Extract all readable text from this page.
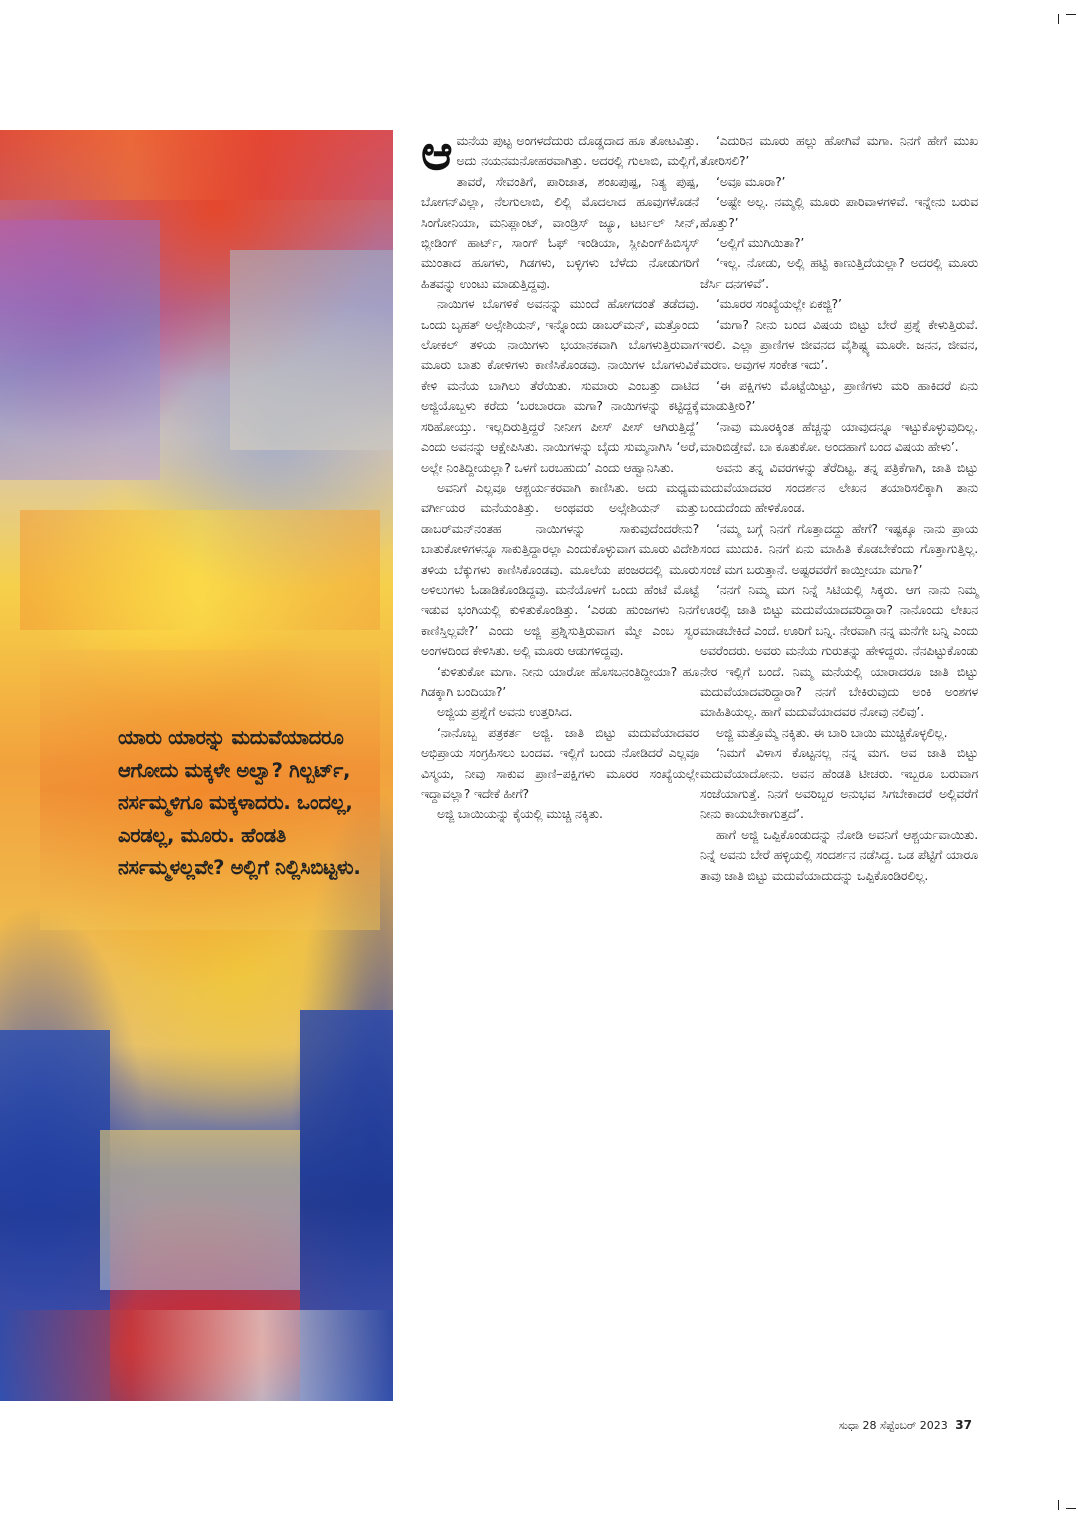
ಯಾರು ಯಾರನ್ನು ಮದುವೆಯಾದರೂ ಆಗೋದು ಮಕ್ಕಳೇ ಅಲ್ವಾ? ಗಿಲ್ಬರ್ಟ್, ನರ್ಸಮ್ಮಳಿಗೂ ಮಕ್ಕಳಾದರು. ಒಂದಲ್ಲ, ಎರಡಲ್ಲ, ಮೂರು. ಹೆಂಡತಿ ನರ್ಸಮ್ಮಳಲ್ಲವೇ? ಅಲ್ಲಿಗೆ ನಿಲ್ಲಿಸಿಬಿಟ್ಟಳು.

ಆಮನೆಯ ಪುಟ್ಟ ಅಂಗಳದೆದುರು ದೊಡ್ಡದಾದ ಹೂ ತೋಟವಿತ್ತು. ಅದು ನಯನಮನೋಹರವಾಗಿತ್ತು. ಅದರಲ್ಲಿ ಗುಲಾಬಿ, ಮಲ್ಲಿಗೆ, ತಾವರೆ, ಸೇವಂತಿಗೆ, ಪಾರಿಜಾತ, ಶಂಖಪುಷ್ಪ, ನಿತ್ಯ ಪುಷ್ಪ, ಬೋಗನ್‌ವಿಲ್ಲಾ, ನೆಲಗುಲಾಬಿ, ಲಿಲ್ಲಿ ಮೊದಲಾದ ಹೂವುಗಳೊಡನೆ ಸಿಂಗೋನಿಯಾ, ಮನಿಪ್ಲಾಂಟ್, ವಾಂಡ್ರಿಸ್ ಜ್ಯೂ, ಟರ್ಟಲ್ ಸೀನ್, ಬ್ಲೀಡಿಂಗ್ ಹಾರ್ಟ್, ಸಾಂಗ್ ಓಫ್ ಇಂಡಿಯಾ, ಸ್ಲೀಪಿಂಗ್‌ಹಿಬಿಸ್ಕಸ್ ಮುಂತಾದ ಹೂಗಳು, ಗಿಡಗಳು, ಬಳ್ಳಿಗಳು ಬೆಳೆದು ನೋಡುಗರಿಗೆ ಹಿತವನ್ನು ಉಂಟು ಮಾಡುತ್ತಿದ್ದವು.

ನಾಯಿಗಳ ಬೊಗಳಿಕೆ ಅವನನ್ನು ಮುಂದೆ ಹೋಗದಂತೆ ತಡೆದವು. ಒಂದು ಬೃಹತ್ ಅಲ್ಸೇಶಿಯನ್, ಇನ್ನೊಂದು ಡಾಬರ್‌ಮನ್, ಮತ್ತೊಂದು ಲೋಕಲ್ ತಳಿಯ ನಾಯಿಗಳು ಭಯಾನಕವಾಗಿ ಬೊಗಳುತ್ತಿರುವಾಗ ಮೂರು ಬಾತು ಕೋಳಿಗಳು ಕಾಣಿಸಿಕೊಂಡವು. ನಾಯಿಗಳ ಬೊಗಳುವಿಕೆ ಕೇಳಿ ಮನೆಯ ಬಾಗಿಲು ತೆರೆಯಿತು. ಸುಮಾರು ಎಂಬತ್ತು ದಾಟಿದ ಅಜ್ಜಿಯೊಬ್ಬಳು ಕರೆದು ‘ಬರಬಾರದಾ ಮಗಾ? ನಾಯಿಗಳನ್ನು ಕಟ್ಟಿದ್ದಕ್ಕೆ ಸರಿಹೋಯ್ತು. ಇಲ್ಲದಿರುತ್ತಿದ್ದರೆ ನೀನೀಗ ಪೀಸ್ ಪೀಸ್ ಆಗಿರುತ್ತಿದ್ದೆ’ ಎಂದು ಅವನನ್ನು ಆಕ್ಷೇಪಿಸಿತು. ನಾಯಿಗಳನ್ನು ಬೈದು ಸುಮ್ಮನಾಗಿಸಿ ‘ಅರೆ, ಅಲ್ಲೇ ನಿಂತಿದ್ದೀಯಲ್ಲಾ? ಒಳಗೆ ಬರಬಹುದು’ ಎಂದು ಆಹ್ವಾನಿಸಿತು.

ಅವನಿಗೆ ಎಲ್ಲವೂ ಆಶ್ಚರ್ಯಕರವಾಗಿ ಕಾಣಿಸಿತು. ಅದು ಮಧ್ಯಮ ವರ್ಗೀಯರ ಮನೆಯಂತಿತ್ತು. ಅಂಥವರು ಅಲ್ಸೇಶಿಯನ್ ಮತ್ತು ಡಾಬರ್‌ಮನ್‌ನಂತಹ ನಾಯಿಗಳನ್ನು ಸಾಕುವುದೆಂದರೇನು? ಬಾತುಕೋಳಿಗಳನ್ನೂ ಸಾಕುತ್ತಿದ್ದಾರಲ್ಲಾ ಎಂದುಕೊಳ್ಳುವಾಗ ಮೂರು ವಿದೇಶಿ ತಳಿಯ ಬೆಕ್ಕುಗಳು ಕಾಣಿಸಿಕೊಂಡವು. ಮೂಲೆಯ ಪಂಜರದಲ್ಲಿ ಮೂರು ಅಳಿಲುಗಳು ಓಡಾಡಿಕೊಂಡಿದ್ದವು. ಮನೆಯೊಳಗೆ ಒಂದು ಹೆಂಟೆ ಮೊಟ್ಟೆ ಇಡುವ ಭಂಗಿಯಲ್ಲಿ ಕುಳಿತುಕೊಂಡಿತ್ತು. ‘ಎರಡು ಹುಂಜಗಳು ನಿನಗೆ ಕಾಣಿಸ್ತಿಲ್ಲವೇ?’ ಎಂದು ಅಜ್ಜಿ ಪ್ರಶ್ನಿಸುತ್ತಿರುವಾಗ ಮ್ಮೇ ಎಂಬ ಸ್ವರ ಅಂಗಳದಿಂದ ಕೇಳಿಸಿತು. ಅಲ್ಲಿ ಮೂರು ಆಡುಗಳಿದ್ದವು.

‘ಕುಳಿತುಕೋ ಮಗಾ. ನೀನು ಯಾರೋ ಹೊಸಬನಂತಿದ್ದೀಯಾ? ಹೂ ಗಿಡಕ್ಕಾಗಿ ಬಂದಿಯಾ?’

ಅಜ್ಜಿಯ ಪ್ರಶ್ನೆಗೆ ಅವನು ಉತ್ತರಿಸಿದ.

‘ನಾನೊಬ್ಬ ಪತ್ರಕರ್ತ ಅಜ್ಜಿ. ಜಾತಿ ಬಿಟ್ಟು ಮದುವೆಯಾದವರ ಅಭಿಪ್ರಾಯ ಸಂಗ್ರಹಿಸಲು ಬಂದವ. ಇಲ್ಲಿಗೆ ಬಂದು ನೋಡಿದರೆ ಎಲ್ಲವೂ ವಿಸ್ಮಯ, ನೀವು ಸಾಕುವ ಪ್ರಾಣಿ–ಪಕ್ಷಿಗಳು ಮೂರರ ಸಂಖ್ಯೆಯಲ್ಲೇ ಇದ್ದಾವಲ್ಲಾ? ಇದೇಕೆ ಹೀಗೆ?

ಅಜ್ಜಿ ಬಾಯಿಯನ್ನು ಕೈಯಲ್ಲಿ ಮುಚ್ಚಿ ನಕ್ಕಿತು.

‘ಎದುರಿನ ಮೂರು ಹಲ್ಲು ಹೋಗಿವೆ ಮಗಾ. ನಿನಗೆ ಹೇಗೆ ಮುಖ ತೋರಿಸಲಿ?’

‘ಅವೂ ಮೂರಾ?’

‘ಅಷ್ಟೇ ಅಲ್ಲ. ನಮ್ಮಲ್ಲಿ ಮೂರು ಪಾರಿವಾಳಗಳಿವೆ. ಇನ್ನೇನು ಬರುವ ಹೊತ್ತು?’

‘ಅಲ್ಲಿಗೆ ಮುಗಿಯಿತಾ?’

‘ಇಲ್ಲ. ನೋಡು, ಅಲ್ಲಿ ಹಟ್ಟಿ ಕಾಣುತ್ತಿದೆಯಲ್ಲಾ? ಅದರಲ್ಲಿ ಮೂರು ಜೆರ್ಸಿ ದನಗಳಿವೆ’.

‘ಮೂರರ ಸಂಖ್ಯೆಯಲ್ಲೇ ಏಕಜ್ಜಿ?’

‘ಮಗಾ? ನೀನು ಬಂದ ವಿಷಯ ಬಿಟ್ಟು ಬೇರೆ ಪ್ರಶ್ನೆ ಕೇಳುತ್ತಿರುವೆ. ಇರಲಿ. ಎಲ್ಲಾ ಪ್ರಾಣಿಗಳ ಜೀವನದ ವೈಶಿಷ್ಟ್ಯ ಮೂರೇ. ಜನನ, ಜೀವನ, ಮರಣ. ಅವುಗಳ ಸಂಕೇತ ಇದು’.

‘ಈ ಪಕ್ಷಿಗಳು ಮೊಟ್ಟೆಯಿಟ್ಟು, ಪ್ರಾಣಿಗಳು ಮರಿ ಹಾಕಿದರೆ ಏನು ಮಾಡುತ್ತೀರಿ?’

‘ನಾವು ಮೂರಕ್ಕಿಂತ ಹೆಚ್ಚನ್ನು ಯಾವುದನ್ನೂ ಇಟ್ಟುಕೊಳ್ಳುವುದಿಲ್ಲ. ಮಾರಿಬಿಡ್ತೇವೆ. ಬಾ ಕೂತುಕೋ. ಅಂದಹಾಗೆ ಬಂದ ವಿಷಯ ಹೇಳು’.

ಅವನು ತನ್ನ ವಿವರಗಳನ್ನು ತೆರೆದಿಟ್ಟ. ತನ್ನ ಪತ್ರಿಕೆಗಾಗಿ, ಜಾತಿ ಬಿಟ್ಟು ಮದುವೆಯಾದವರ ಸಂದರ್ಶನ ಲೇಖನ ತಯಾರಿಸಲಿಕ್ಕಾಗಿ ತಾನು ಬಂದುದೆಂದು ಹೇಳಿಕೊಂಡ.

‘ನಮ್ಮ ಬಗ್ಗೆ ನಿನಗೆ ಗೊತ್ತಾದದ್ದು ಹೇಗೆ? ಇಷ್ಟಕ್ಕೂ ನಾನು ಪ್ರಾಯ ಸಂದ ಮುದುಕಿ. ನಿನಗೆ ಏನು ಮಾಹಿತಿ ಕೊಡಬೇಕೆಂದು ಗೊತ್ತಾಗುತ್ತಿಲ್ಲ. ಸಂಜೆ ಮಗ ಬರುತ್ತಾನೆ. ಅಷ್ಟರವರೆಗೆ ಕಾಯ್ತೀಯಾ ಮಗಾ?’

‘ನನಗೆ ನಿಮ್ಮ ಮಗ ನಿನ್ನೆ ಸಿಟಿಯಲ್ಲಿ ಸಿಕ್ಕರು. ಆಗ ನಾನು ನಿಮ್ಮ ಊರಲ್ಲಿ ಜಾತಿ ಬಿಟ್ಟು ಮದುವೆಯಾದವರಿದ್ದಾರಾ? ನಾನೊಂದು ಲೇಖನ ಮಾಡಬೇಕಿದೆ ಎಂದೆ. ಊರಿಗೆ ಬನ್ನಿ. ನೇರವಾಗಿ ನನ್ನ ಮನೆಗೇ ಬನ್ನಿ ಎಂದು ಅವರೆಂದರು. ಅವರು ಮನೆಯ ಗುರುತನ್ನು ಹೇಳಿದ್ದರು. ನೆನಪಿಟ್ಟುಕೊಂಡು ನೇರ ಇಲ್ಲಿಗೆ ಬಂದೆ. ನಿಮ್ಮ ಮನೆಯಲ್ಲಿ ಯಾರಾದರೂ ಜಾತಿ ಬಿಟ್ಟು ಮದುವೆಯಾದವರಿದ್ದಾರಾ? ನನಗೆ ಬೇಕಿರುವುದು ಅಂಕಿ ಅಂಶಗಳ ಮಾಹಿತಿಯಲ್ಲ. ಹಾಗೆ ಮದುವೆಯಾದವರ ನೋವು ನಲಿವು’.

ಅಜ್ಜಿ ಮತ್ತೊಮ್ಮೆ ನಕ್ಕಿತು. ಈ ಬಾರಿ ಬಾಯಿ ಮುಚ್ಚಿಕೊಳ್ಳಲಿಲ್ಲ.

‘ನಿಮಗೆ ವಿಳಾಸ ಕೊಟ್ಟನಲ್ಲ ನನ್ನ ಮಗ. ಅವ ಜಾತಿ ಬಿಟ್ಟು ಮದುವೆಯಾದೋನು. ಅವನ ಹೆಂಡತಿ ಟೀಚರು. ಇಬ್ಬರೂ ಬರುವಾಗ ಸಂಜೆಯಾಗುತ್ತೆ. ನಿನಗೆ ಅವರಿಬ್ಬರ ಅನುಭವ ಸಿಗಬೇಕಾದರೆ ಅಲ್ಲಿವರೆಗೆ ನೀನು ಕಾಯಬೇಕಾಗುತ್ತದೆ’.

ಹಾಗೆ ಅಜ್ಜಿ ಒಪ್ಪಿಕೊಂಡುದನ್ನು ನೋಡಿ ಅವನಿಗೆ ಆಶ್ಚರ್ಯವಾಯಿತು. ನಿನ್ನೆ ಅವನು ಬೇರೆ ಹಳ್ಳಿಯಲ್ಲಿ ಸಂದರ್ಶನ ನಡೆಸಿದ್ದ. ಒಡ ಪೆಟ್ಟಿಗೆ ಯಾರೂ ತಾವು ಜಾತಿ ಬಿಟ್ಟು ಮದುವೆಯಾದುದನ್ನು ಒಪ್ಪಿಕೊಂಡಿರಲಿಲ್ಲ.

ಸುಧಾ 28 ಸೆಪ್ಟೆಂಬರ್ 2023 37
